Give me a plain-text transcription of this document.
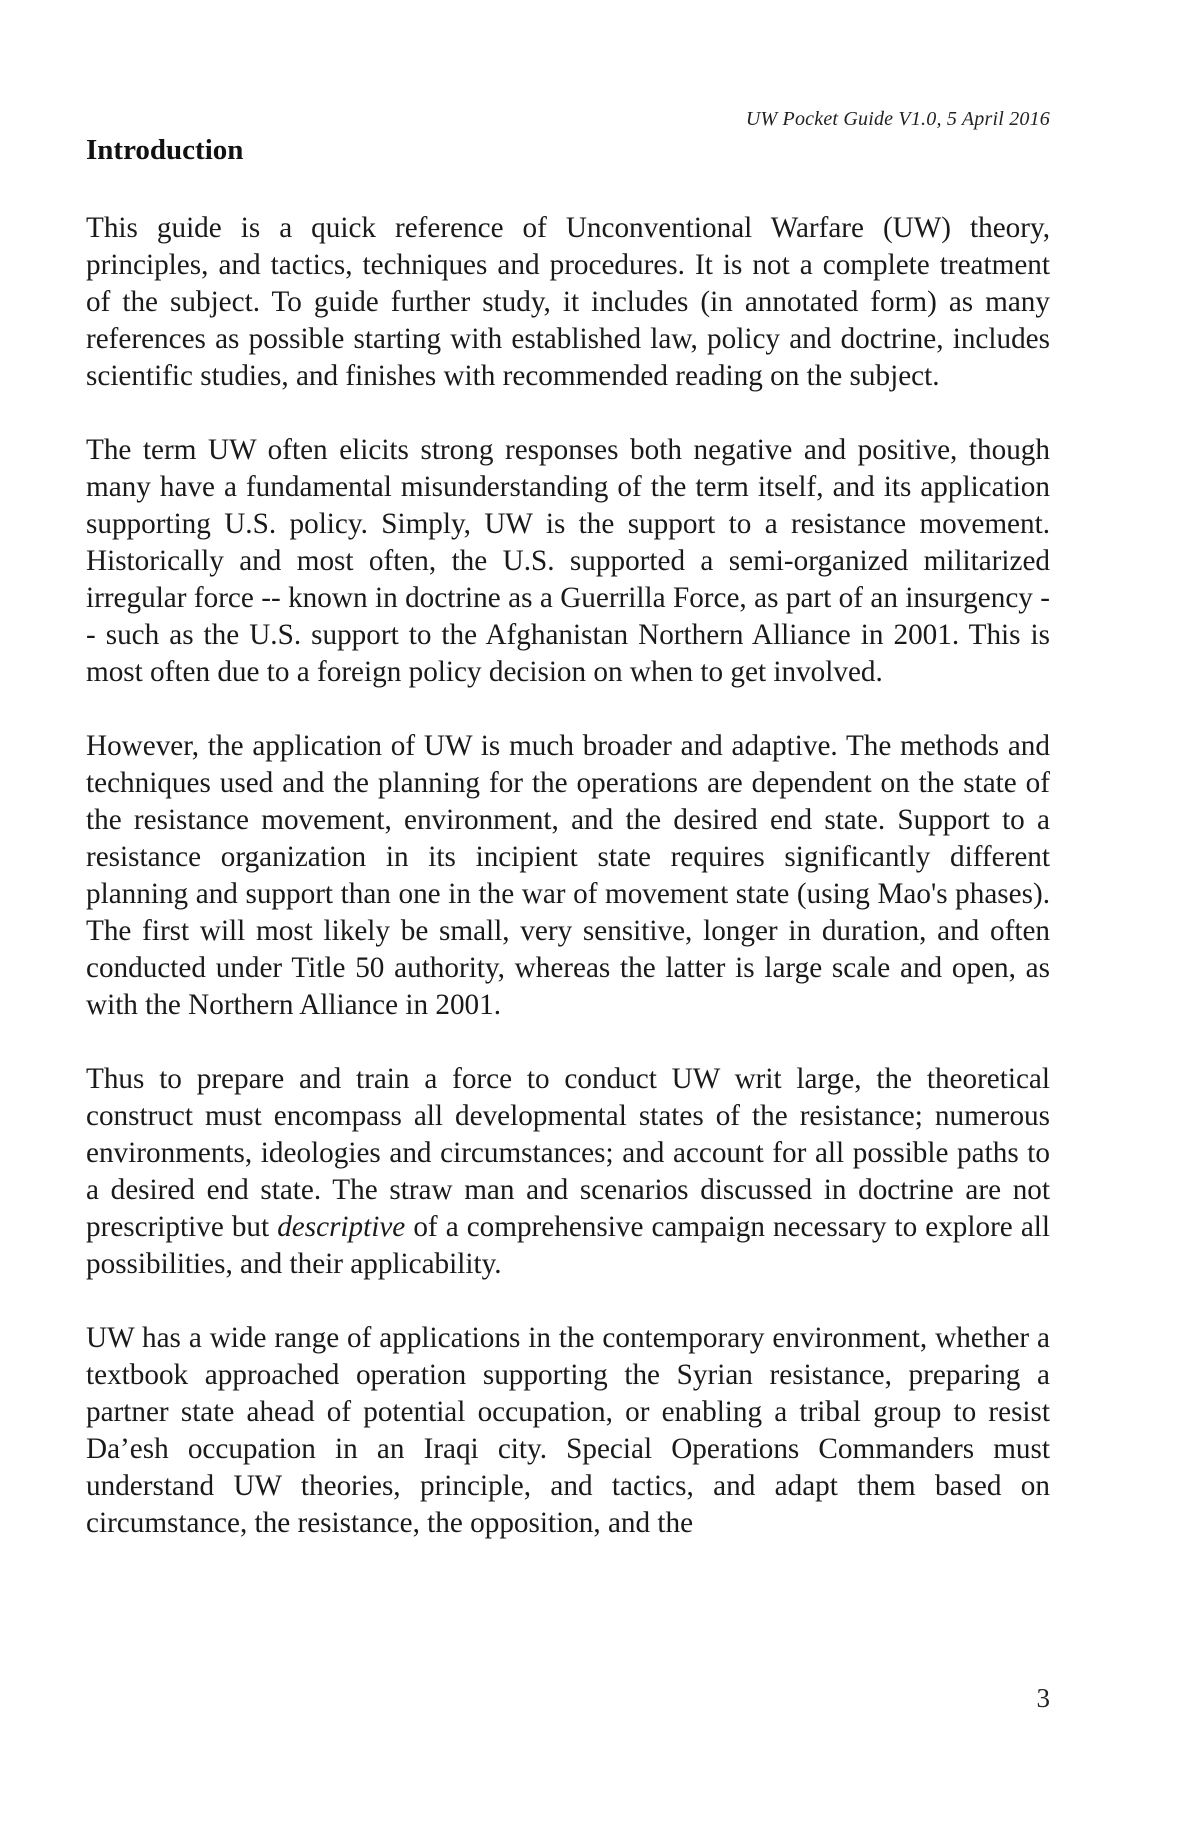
UW Pocket Guide V1.0, 5 April 2016
Introduction

This guide is a quick reference of Unconventional Warfare (UW) theory, principles, and tactics, techniques and procedures. It is not a complete treatment of the subject. To guide further study, it includes (in annotated form) as many references as possible starting with established law, policy and doctrine, includes scientific studies, and finishes with recommended reading on the subject.

The term UW often elicits strong responses both negative and positive, though many have a fundamental misunderstanding of the term itself, and its application supporting U.S. policy. Simply, UW is the support to a resistance movement. Historically and most often, the U.S. supported a semi-organized militarized irregular force -- known in doctrine as a Guerrilla Force, as part of an insurgency -- such as the U.S. support to the Afghanistan Northern Alliance in 2001. This is most often due to a foreign policy decision on when to get involved.

However, the application of UW is much broader and adaptive. The methods and techniques used and the planning for the operations are dependent on the state of the resistance movement, environment, and the desired end state. Support to a resistance organization in its incipient state requires significantly different planning and support than one in the war of movement state (using Mao's phases). The first will most likely be small, very sensitive, longer in duration, and often conducted under Title 50 authority, whereas the latter is large scale and open, as with the Northern Alliance in 2001.

Thus to prepare and train a force to conduct UW writ large, the theoretical construct must encompass all developmental states of the resistance; numerous environments, ideologies and circumstances; and account for all possible paths to a desired end state. The straw man and scenarios discussed in doctrine are not prescriptive but descriptive of a comprehensive campaign necessary to explore all possibilities, and their applicability.

UW has a wide range of applications in the contemporary environment, whether a textbook approached operation supporting the Syrian resistance, preparing a partner state ahead of potential occupation, or enabling a tribal group to resist Da’esh occupation in an Iraqi city. Special Operations Commanders must understand UW theories, principle, and tactics, and adapt them based on circumstance, the resistance, the opposition, and the

3
